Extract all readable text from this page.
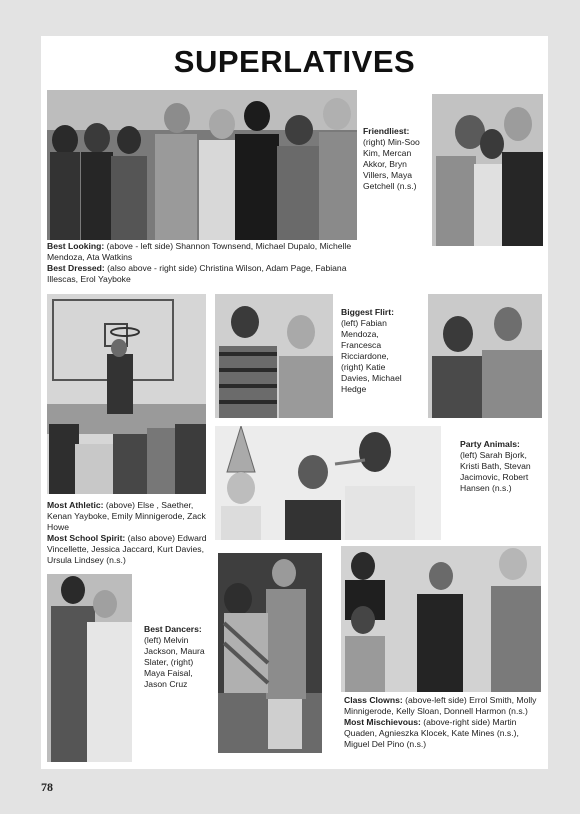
SUPERLATIVES

Friendliest:
(right) Min-Soo Kim, Mercan Akkor, Bryn Villers, Maya Getchell (n.s.)

Best Looking: (above - left side) Shannon Townsend, Michael Dupalo, Michelle Mendoza, Ata Watkins
Best Dressed: (also above - right side) Christina Wilson, Adam Page, Fabiana Illescas, Erol Yayboke

Biggest Flirt:
(left) Fabian Mendoza, Francesca Ricciardone, (right) Katie Davies, Michael Hedge

Party Animals:
(left) Sarah Bjork, Kristi Bath, Stevan Jacimovic, Robert Hansen (n.s.)

Most Athletic: (above) Else , Saether, Kenan Yayboke, Emily Minnigerode, Zack Howe
Most School Spirit: (also above) Edward Vincellette, Jessica Jaccard, Kurt Davies, Ursula Lindsey (n.s.)

Best Dancers:
(left) Melvin Jackson, Maura Slater, (right) Maya Faisal, Jason Cruz

Class Clowns: (above-left side) Errol Smith, Molly Minnigerode, Kelly Sloan, Donnell Harmon (n.s.)
Most Mischievous: (above-right side) Martin Quaden, Agnieszka Klocek, Kate Mines (n.s.), Miguel Del Pino (n.s.)

78
